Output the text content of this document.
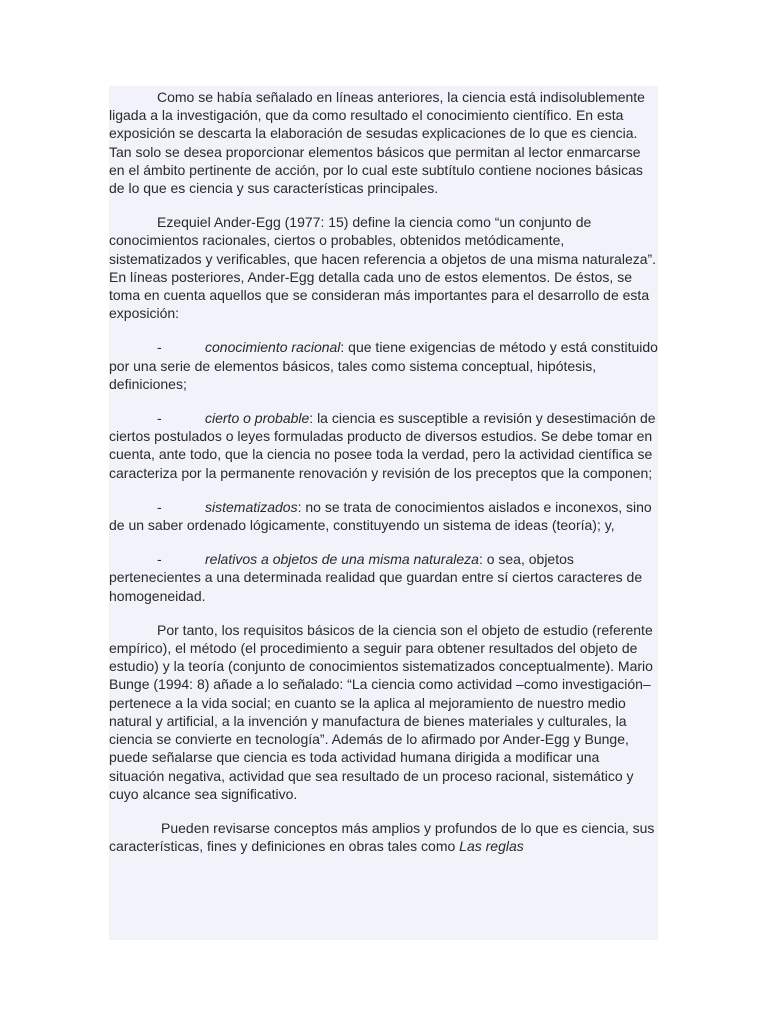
Como se había señalado en líneas anteriores, la ciencia está indisolublemente ligada a la investigación, que da como resultado el conocimiento científico. En esta exposición se descarta la elaboración de sesudas explicaciones de lo que es ciencia. Tan solo se desea proporcionar elementos básicos que permitan al lector enmarcarse en el ámbito pertinente de acción, por lo cual este subtítulo contiene nociones básicas de lo que es ciencia y sus características principales.

Ezequiel Ander-Egg (1977: 15) define la ciencia como “un conjunto de conocimientos racionales, ciertos o probables, obtenidos metódicamente, sistematizados y verificables, que hacen referencia a objetos de una misma naturaleza”. En líneas posteriores, Ander-Egg detalla cada uno de estos elementos. De éstos, se toma en cuenta aquellos que se consideran más importantes para el desarrollo de esta exposición:

-	conocimiento racional: que tiene exigencias de método y está constituido por una serie de elementos básicos, tales como sistema conceptual, hipótesis, definiciones;

-	cierto o probable: la ciencia es susceptible a revisión y desestimación de ciertos postulados o leyes formuladas producto de diversos estudios. Se debe tomar en cuenta, ante todo, que la ciencia no posee toda la verdad, pero la actividad científica se caracteriza por la permanente renovación y revisión de los preceptos que la componen;

-	sistematizados: no se trata de conocimientos aislados e inconexos, sino de un saber ordenado lógicamente, constituyendo un sistema de ideas (teoría); y,

-	relativos a objetos de una misma naturaleza: o sea, objetos pertenecientes a una determinada realidad que guardan entre sí ciertos caracteres de homogeneidad.

Por tanto, los requisitos básicos de la ciencia son el objeto de estudio (referente empírico), el método (el procedimiento a seguir para obtener resultados del objeto de estudio) y la teoría (conjunto de conocimientos sistematizados conceptualmente). Mario Bunge (1994: 8) añade a lo señalado: “La ciencia como actividad –como investigación– pertenece a la vida social; en cuanto se la aplica al mejoramiento de nuestro medio natural y artificial, a la invención y manufactura de bienes materiales y culturales, la ciencia se convierte en tecnología”. Además de lo afirmado por Ander-Egg y Bunge, puede señalarse que ciencia es toda actividad humana dirigida a modificar una situación negativa, actividad que sea resultado de un proceso racional, sistemático y cuyo alcance sea significativo.

Pueden revisarse conceptos más amplios y profundos de lo que es ciencia, sus características, fines y definiciones en obras tales como Las reglas
